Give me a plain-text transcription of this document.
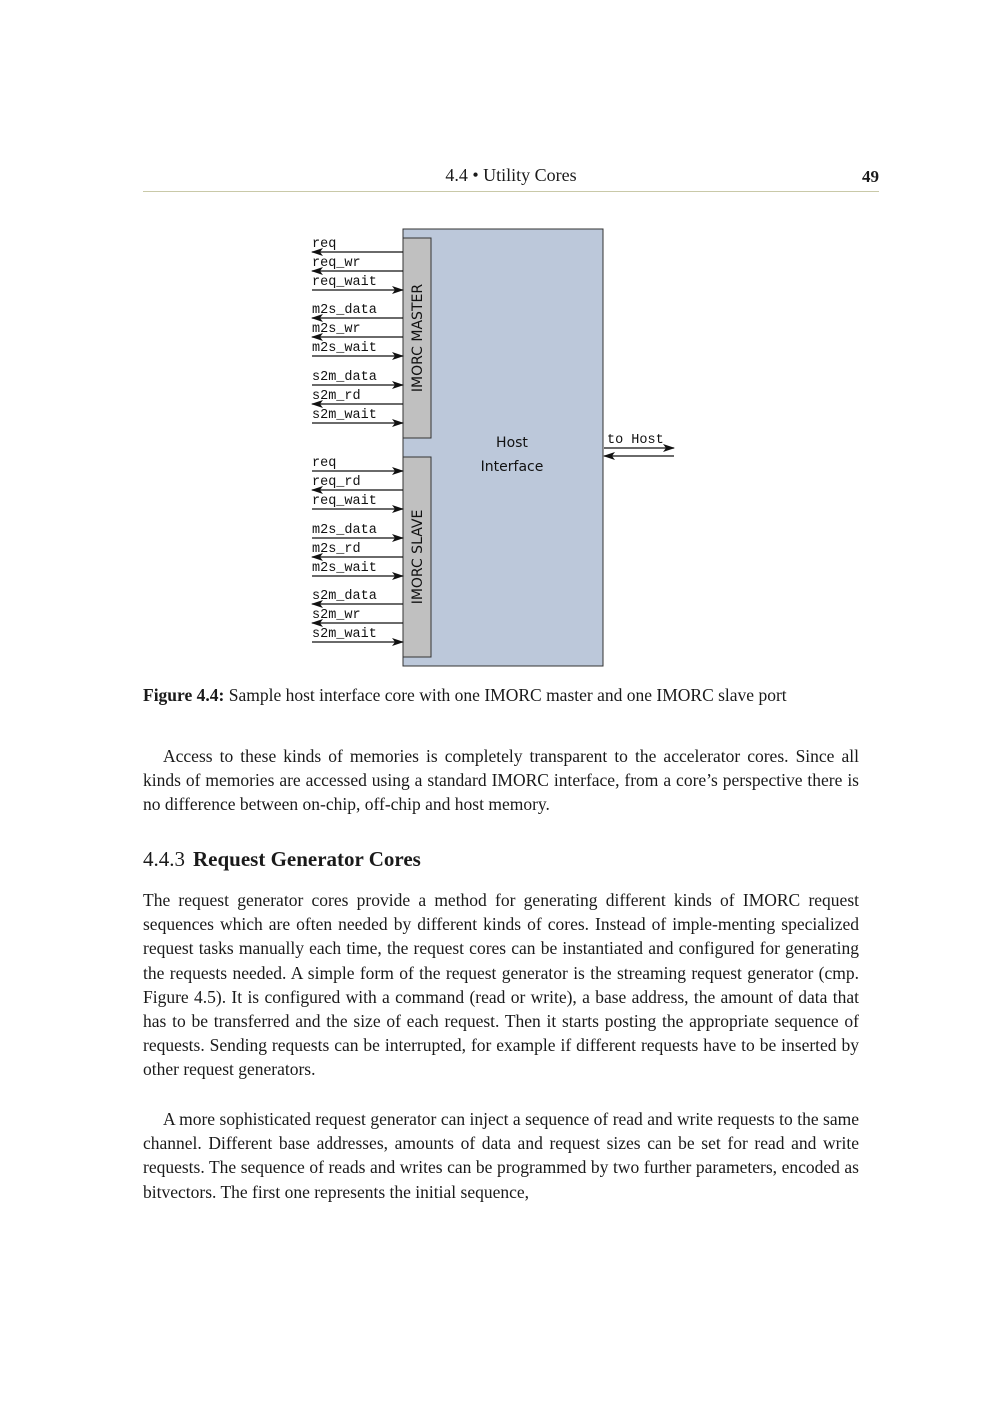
4.4 • Utility Cores	49
IMORC MASTER
IMORC SLAVE
Host
Interface
to Host
req
req_wr
req_wait
m2s_data
m2s_wr
m2s_wait
s2m_data
s2m_rd
s2m_wait
req
req_rd
req_wait
m2s_data
m2s_rd
m2s_wait
s2m_data
s2m_wr
s2m_wait
Figure 4.4: Sample host interface core with one IMORC master and one IMORC slave port
Access to these kinds of memories is completely transparent to the accelerator cores. Since all kinds of memories are accessed using a standard IMORC interface, from a core’s perspective there is no difference between on-chip, off-chip and host memory.
4.4.3 Request Generator Cores
The request generator cores provide a method for generating different kinds of IMORC request sequences which are often needed by different kinds of cores. Instead of imple-menting specialized request tasks manually each time, the request cores can be instantiated and configured for generating the requests needed. A simple form of the request generator is the streaming request generator (cmp. Figure 4.5). It is configured with a command (read or write), a base address, the amount of data that has to be transferred and the size of each request. Then it starts posting the appropriate sequence of requests. Sending requests can be interrupted, for example if different requests have to be inserted by other request generators.
A more sophisticated request generator can inject a sequence of read and write requests to the same channel. Different base addresses, amounts of data and request sizes can be set for read and write requests. The sequence of reads and writes can be programmed by two further parameters, encoded as bitvectors. The first one represents the initial sequence,
